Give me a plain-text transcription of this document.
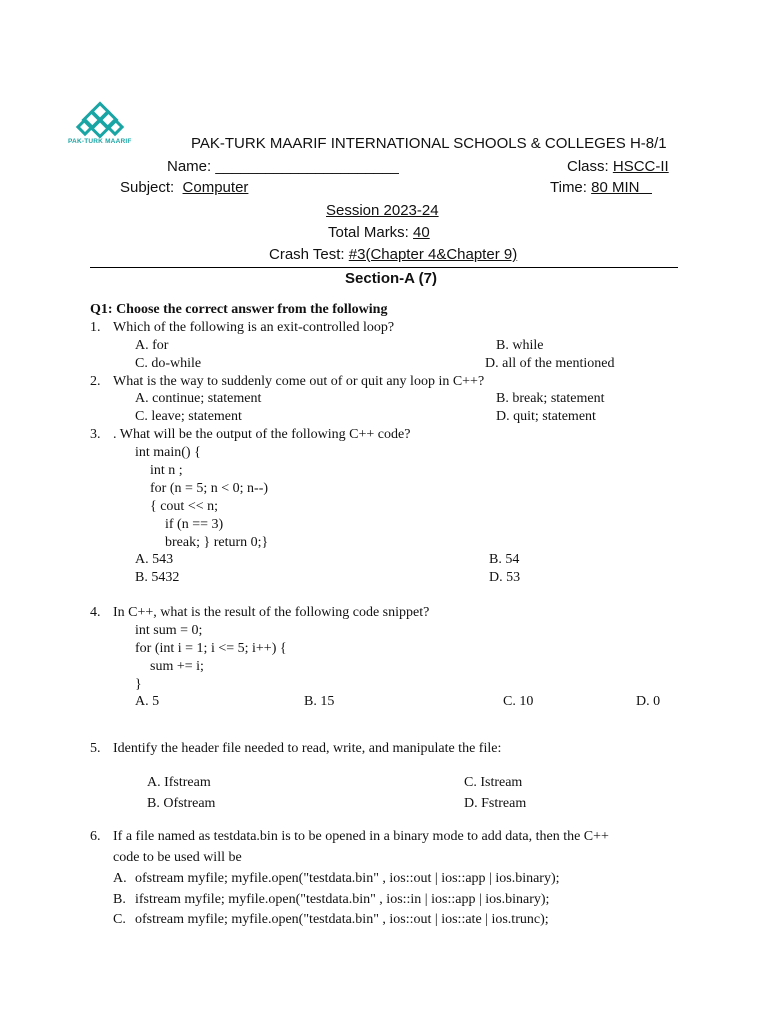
PAK-TURK MAARIF	PAK-TURK MAARIF INTERNATIONAL SCHOOLS & COLLEGES H-8/1
Name: ______________________	Class: HSCC-II
Subject: Computer	Time: 80 MIN
Session 2023-24
Total Marks: 40
Crash Test: #3(Chapter 4&Chapter 9)
Section-A (7)
Q1: Choose the correct answer from the following
1. Which of the following is an exit-controlled loop?
A. for	B. while
C. do-while	D. all of the mentioned
2. What is the way to suddenly come out of or quit any loop in C++?
A. continue; statement	B. break; statement
C. leave; statement	D. quit; statement
3. . What will be the output of the following C++ code?
int main() {
int n ;
for (n = 5; n < 0; n--)
{ cout << n;
if (n == 3)
break; } return 0;}
A. 543	B. 54
B. 5432	D. 53
4. In C++, what is the result of the following code snippet?
int sum = 0;
for (int i = 1; i <= 5; i++) {
sum += i;
}
A. 5	B. 15	C. 10	D. 0
5. Identify the header file needed to read, write, and manipulate the file:
A. Ifstream	C. Istream
B. Ofstream	D. Fstream
6. If a file named as testdata.bin is to be opened in a binary mode to add data, then the C++
code to be used will be
A. ofstream myfile; myfile.open("testdata.bin" , ios::out | ios::app | ios.binary);
B. ifstream myfile; myfile.open("testdata.bin" , ios::in | ios::app | ios.binary);
C. ofstream myfile; myfile.open("testdata.bin" , ios::out | ios::ate | ios.trunc);
